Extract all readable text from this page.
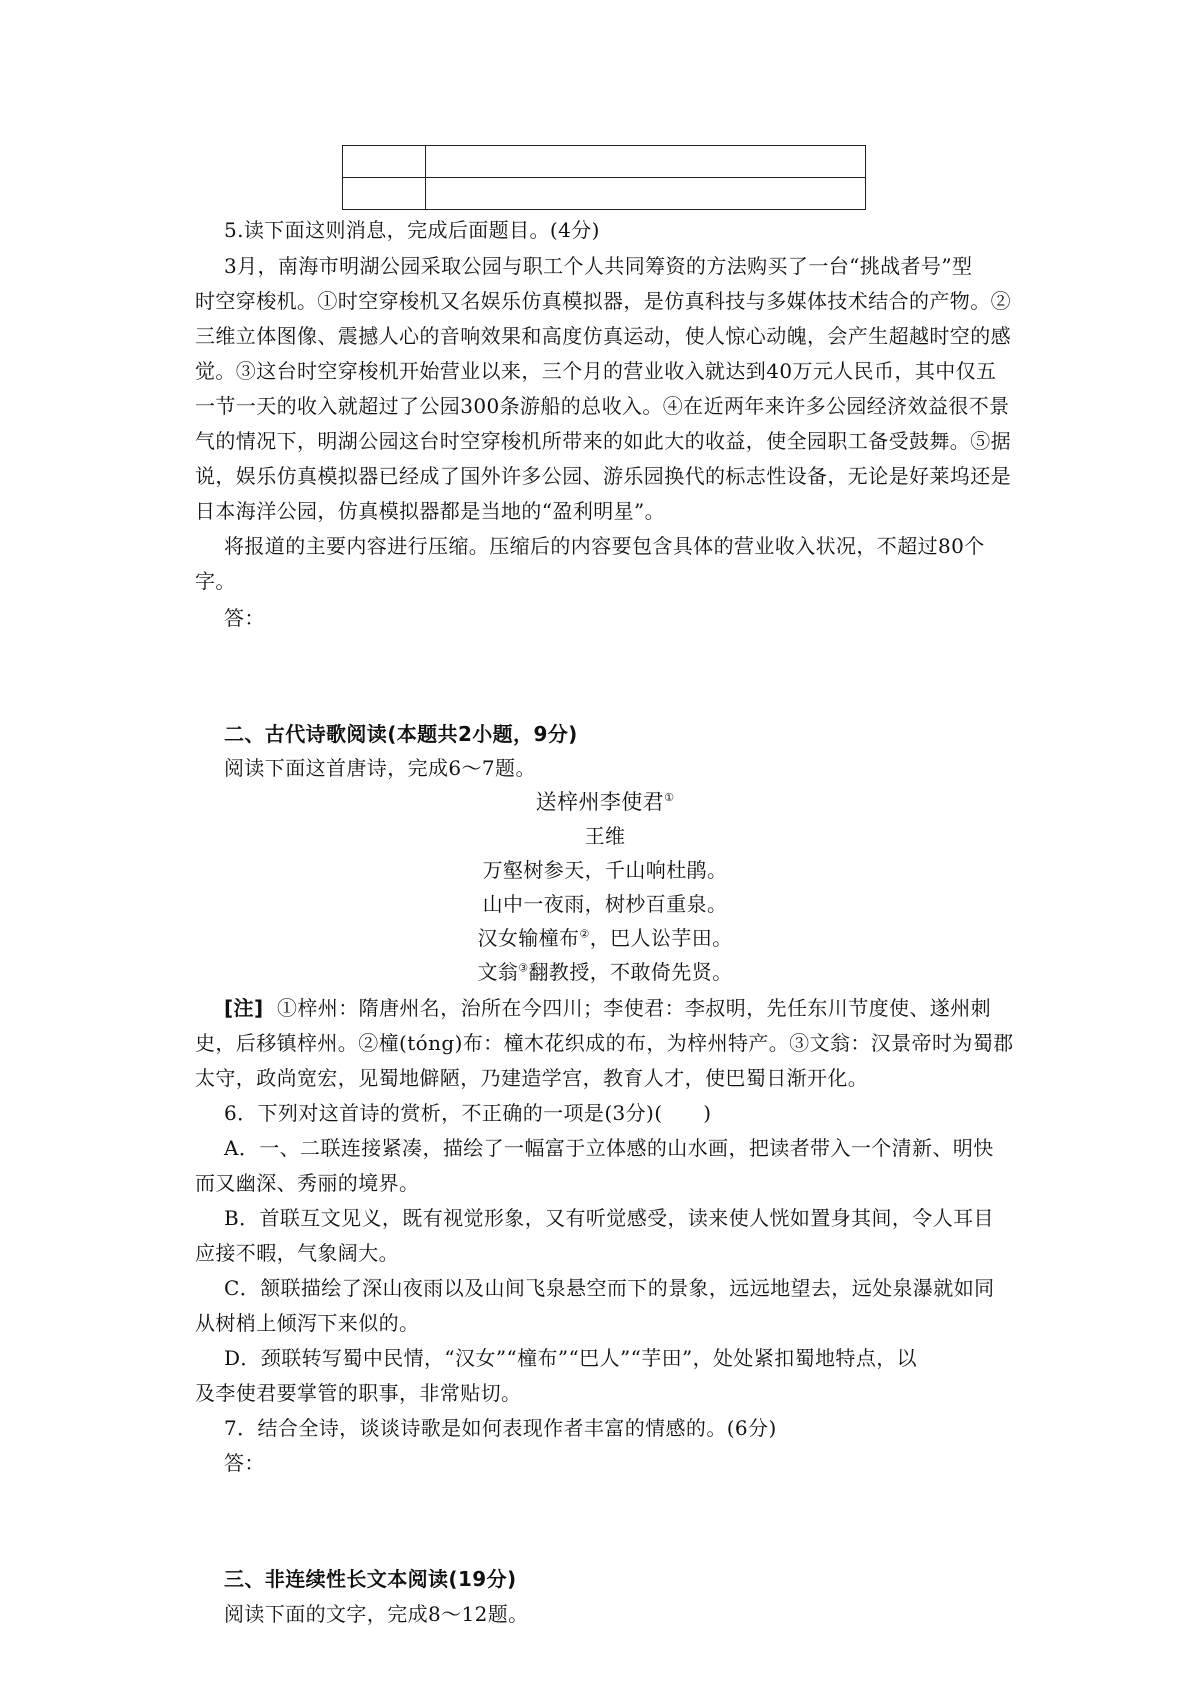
5.读下面这则消息，完成后面题目。(4分)
3月，南海市明湖公园采取公园与职工个人共同筹资的方法购买了一台“挑战者号”型
时空穿梭机。①时空穿梭机又名娱乐仿真模拟器，是仿真科技与多媒体技术结合的产物。②
三维立体图像、震撼人心的音响效果和高度仿真运动，使人惊心动魄，会产生超越时空的感
觉。③这台时空穿梭机开始营业以来，三个月的营业收入就达到40万元人民币，其中仅五
一节一天的收入就超过了公园300条游船的总收入。④在近两年来许多公园经济效益很不景
气的情况下，明湖公园这台时空穿梭机所带来的如此大的收益，使全园职工备受鼓舞。⑤据
说，娱乐仿真模拟器已经成了国外许多公园、游乐园换代的标志性设备，无论是好莱坞还是
日本海洋公园，仿真模拟器都是当地的“盈利明星”。
将报道的主要内容进行压缩。压缩后的内容要包含具体的营业收入状况，不超过80个
字。
答：
二、古代诗歌阅读(本题共2小题，9分)
阅读下面这首唐诗，完成6～7题。
送梓州李使君①
王维
万壑树参天，千山响杜鹃。
山中一夜雨，树杪百重泉。
汉女输橦布②，巴人讼芋田。
文翁③翻教授，不敢倚先贤。
[注] ①梓州：隋唐州名，治所在今四川；李使君：李叔明，先任东川节度使、遂州刺
史，后移镇梓州。②橦(tóng)布：橦木花织成的布，为梓州特产。③文翁：汉景帝时为蜀郡
太守，政尚宽宏，见蜀地僻陋，乃建造学宫，教育人才，使巴蜀日渐开化。
6．下列对这首诗的赏析，不正确的一项是(3分)(　　)
A．一、二联连接紧凑，描绘了一幅富于立体感的山水画，把读者带入一个清新、明快
而又幽深、秀丽的境界。
B．首联互文见义，既有视觉形象，又有听觉感受，读来使人恍如置身其间，令人耳目
应接不暇，气象阔大。
C．颔联描绘了深山夜雨以及山间飞泉悬空而下的景象，远远地望去，远处泉瀑就如同
从树梢上倾泻下来似的。
D．颈联转写蜀中民情，“汉女”“橦布”“巴人”“芋田”，处处紧扣蜀地特点，以
及李使君要掌管的职事，非常贴切。
7．结合全诗，谈谈诗歌是如何表现作者丰富的情感的。(6分)
答：
三、非连续性长文本阅读(19分)
阅读下面的文字，完成8～12题。
